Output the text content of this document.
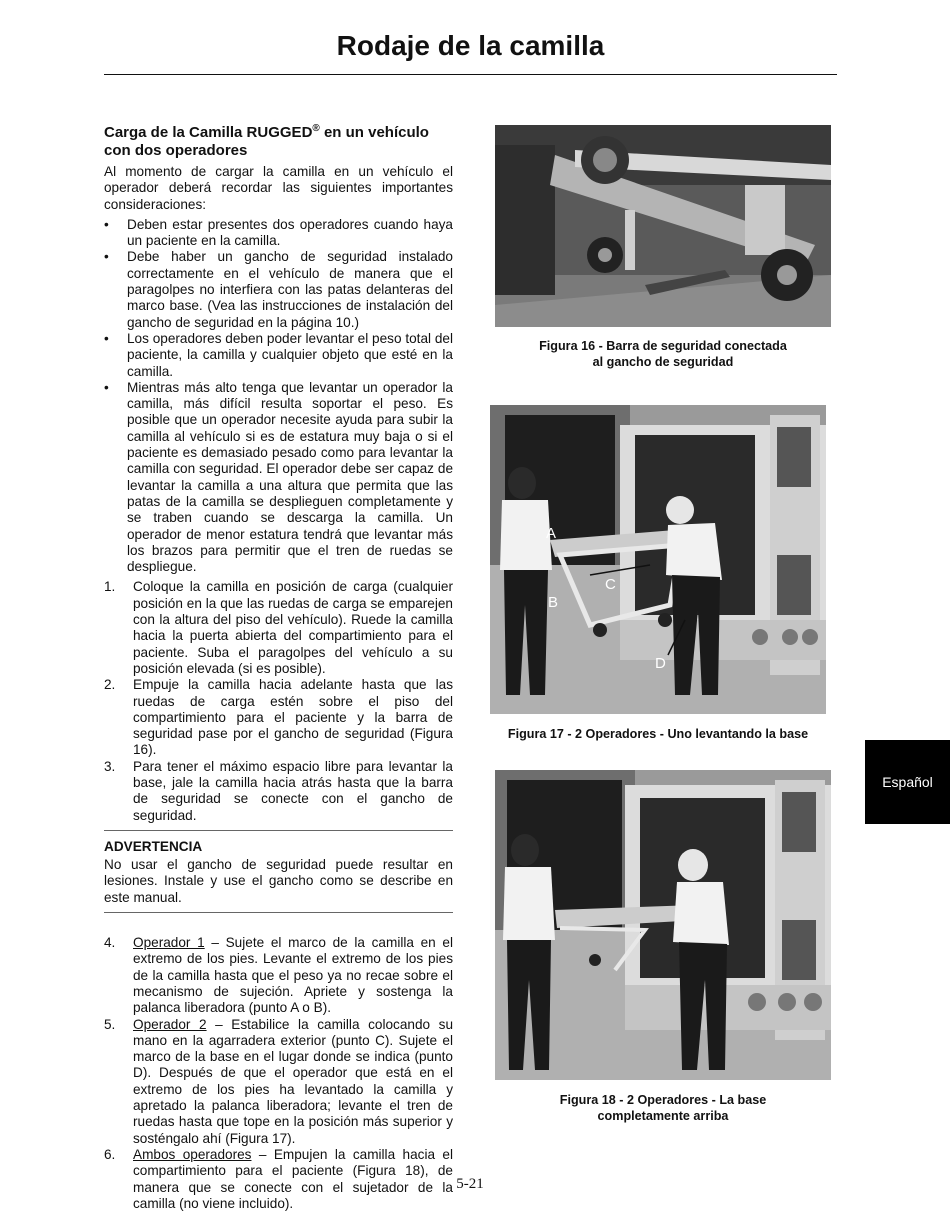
Rodaje de la camilla
Carga de la Camilla RUGGED® en un vehículo con dos operadores

Al momento de cargar la camilla en un vehículo el operador deberá recordar las siguientes importantes consideraciones:

• Deben estar presentes dos operadores cuando haya un paciente en la camilla.
• Debe haber un gancho de seguridad instalado correctamente en el vehículo de manera que el paragolpes no interfiera con las patas delanteras del marco base. (Vea las instrucciones de instalación del gancho de seguridad en la página 10.)
• Los operadores deben poder levantar el peso total del paciente, la camilla y cualquier objeto que esté en la camilla.
• Mientras más alto tenga que levantar un operador la camilla, más difícil resulta soportar el peso. Es posible que un operador necesite ayuda para subir la camilla al vehículo si es de estatura muy baja o si el paciente es demasiado pesado como para levantar la camilla con seguridad. El operador debe ser capaz de levantar la camilla a una altura que permita que las patas de la camilla se desplieguen completamente y se traben cuando se descarga la camilla. Un operador de menor estatura tendrá que levantar más los brazos para permitir que el tren de ruedas se despliegue.
1. Coloque la camilla en posición de carga (cualquier posición en la que las ruedas de carga se emparejen con la altura del piso del vehículo). Ruede la camilla hacia la puerta abierta del compartimiento para el paciente. Suba el paragolpes del vehículo a su posición elevada (si es posible).
2. Empuje la camilla hacia adelante hasta que las ruedas de carga estén sobre el piso del compartimiento para el paciente y la barra de seguridad pase por el gancho de seguridad (Figura 16).
3. Para tener el máximo espacio libre para levantar la base, jale la camilla hacia atrás hasta que la barra de seguridad se conecte con el gancho de seguridad.
ADVERTENCIA

No usar el gancho de seguridad puede resultar en lesiones. Instale y use el gancho como se describe en este manual.

4. Operador 1 – Sujete el marco de la camilla en el extremo de los pies. Levante el extremo de los pies de la camilla hasta que el peso ya no recae sobre el mecanismo de sujeción. Apriete y sostenga la palanca liberadora (punto A o B).
5. Operador 2 – Estabilice la camilla colocando su mano en la agarradera exterior (punto C). Sujete el marco de la base en el lugar donde se indica (punto D). Después de que el operador que está en el extremo de los pies ha levantado la camilla y apretado la palanca liberadora; levante el tren de ruedas hasta que tope en la posición más superior y sosténgalo ahí (Figura 17).
6. Ambos operadores – Empujen la camilla hacia el compartimiento para el paciente (Figura 18), de manera que se conecte con el sujetador de la camilla (no viene incluido).
Figura 16 - Barra de seguridad conectada
al gancho de seguridad
A
B
C
D
Figura 17 - 2 Operadores - Uno levantando la base
Figura 18 - 2 Operadores - La base
completamente arriba
Español
5-21
